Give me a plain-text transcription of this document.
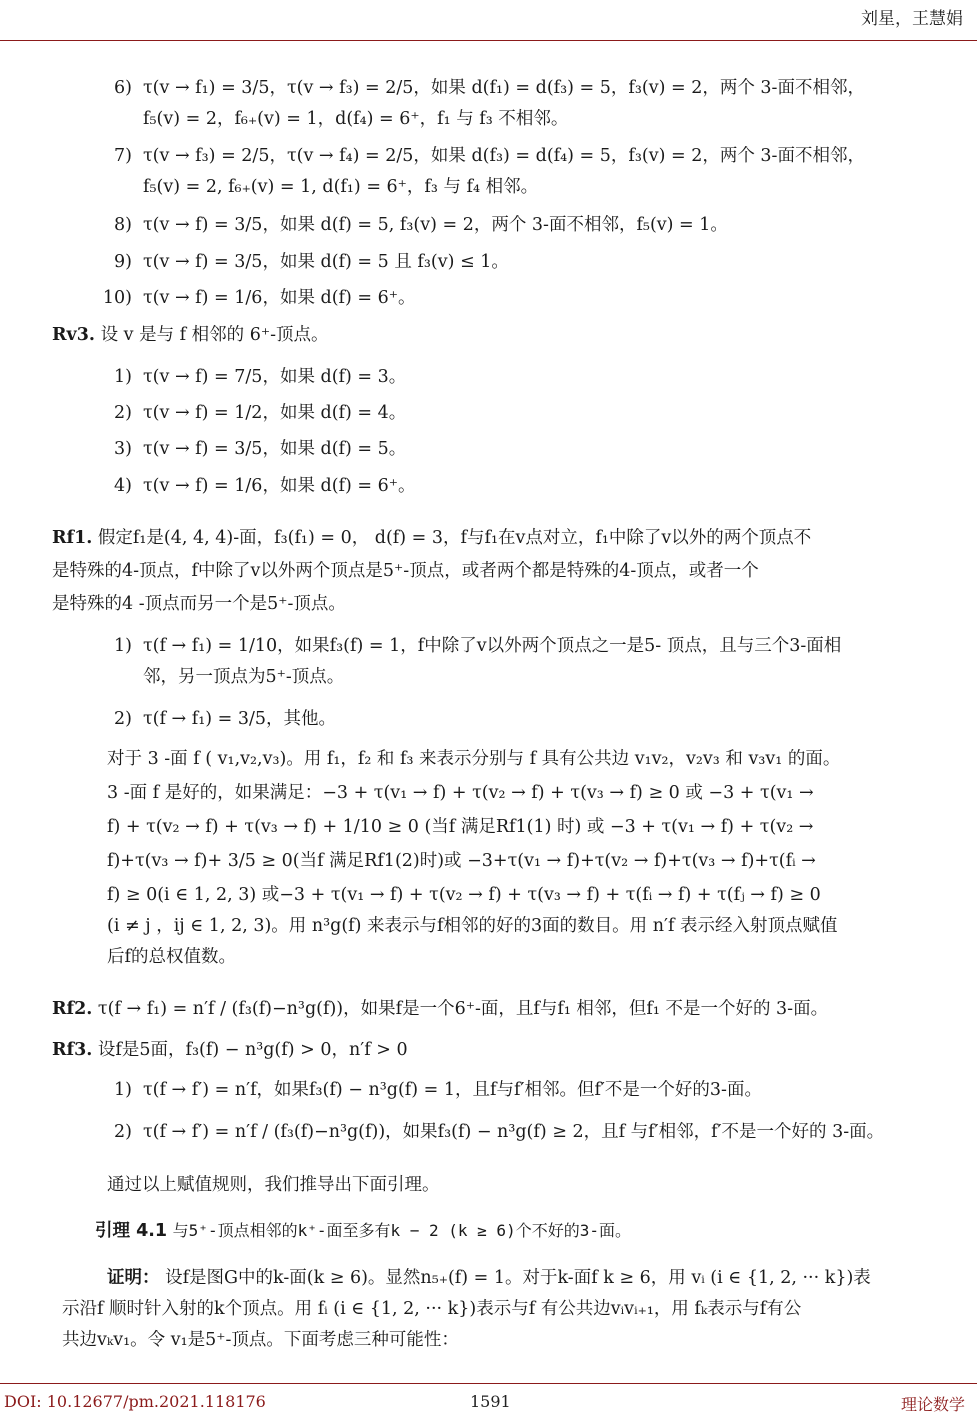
刘星，王慧娟
6) τ(v → f₁) = 3/5，τ(v → f₃) = 2/5，如果 d(f₁) = d(f₃) = 5，f₃(v) = 2，两个 3-面不相邻，
f₅(v) = 2，f₆₊(v) = 1，d(f₄) = 6⁺，f₁ 与 f₃ 不相邻。
7) τ(v → f₃) = 2/5，τ(v → f₄) = 2/5，如果 d(f₃) = d(f₄) = 5，f₃(v) = 2，两个 3-面不相邻，
f₅(v) = 2, f₆₊(v) = 1, d(f₁) = 6⁺，f₃ 与 f₄ 相邻。
8) τ(v → f) = 3/5，如果 d(f) = 5, f₃(v) = 2，两个 3-面不相邻，f₅(v) = 1。
9) τ(v → f) = 3/5，如果 d(f) = 5 且 f₃(v) ≤ 1。
10) τ(v → f) = 1/6，如果 d(f) = 6⁺。
Rv3. 设 v 是与 f 相邻的 6⁺-顶点。
1) τ(v → f) = 7/5，如果 d(f) = 3。
2) τ(v → f) = 1/2，如果 d(f) = 4。
3) τ(v → f) = 3/5，如果 d(f) = 5。
4) τ(v → f) = 1/6，如果 d(f) = 6⁺。
Rf1. 假定f₁是(4, 4, 4)-面，f₃(f₁) = 0， d(f) = 3，f与f₁在v点对立，f₁中除了v以外的两个顶点不
是特殊的4-顶点，f中除了v以外两个顶点是5⁺-顶点，或者两个都是特殊的4-顶点，或者一个
是特殊的4 -顶点而另一个是5⁺-顶点。
1) τ(f → f₁) = 1/10，如果f₃(f) = 1，f中除了v以外两个顶点之一是5- 顶点，且与三个3-面相
邻，另一顶点为5⁺-顶点。
2) τ(f → f₁) = 3/5，其他。
对于 3 -面 f ( v₁,v₂,v₃)。用 f₁，f₂ 和 f₃ 来表示分别与 f 具有公共边 v₁v₂，v₂v₃ 和 v₃v₁ 的面。
3 -面 f 是好的，如果满足：−3 + τ(v₁ → f) + τ(v₂ → f) + τ(v₃ → f) ≥ 0 或 −3 + τ(v₁ →
f) + τ(v₂ → f) + τ(v₃ → f) + 1/10 ≥ 0 (当f 满足Rf1(1) 时) 或 −3 + τ(v₁ → f) + τ(v₂ →
f)+τ(v₃ → f)+ 3/5 ≥ 0(当f 满足Rf1(2)时)或 −3+τ(v₁ → f)+τ(v₂ → f)+τ(v₃ → f)+τ(fᵢ →
f) ≥ 0(i ∈ 1, 2, 3) 或−3 + τ(v₁ → f) + τ(v₂ → f) + τ(v₃ → f) + τ(fᵢ → f) + τ(fⱼ → f) ≥ 0
(i ≠ j ，ij ∈ 1, 2, 3)。用 n³g(f) 来表示与f相邻的好的3面的数目。用 n′f 表示经入射顶点赋值
后f的总权值数。
Rf2. τ(f → f₁) = n′f / (f₃(f)−n³g(f))，如果f是一个6⁺-面，且f与f₁ 相邻，但f₁ 不是一个好的 3-面。
Rf3. 设f是5面，f₃(f) − n³g(f) > 0，n′f > 0
1) τ(f → f′) = n′f，如果f₃(f) − n³g(f) = 1，且f与f′相邻。但f′不是一个好的3-面。
2) τ(f → f′) = n′f / (f₃(f)−n³g(f))，如果f₃(f) − n³g(f) ≥ 2，且f 与f′相邻，f′不是一个好的 3-面。
通过以上赋值规则，我们推导出下面引理。
引理 4.1 与5⁺-顶点相邻的k⁺-面至多有k − 2 (k ≥ 6)个不好的3-面。
证明： 设f是图G中的k-面(k ≥ 6)。显然n₅₊(f) = 1。对于k-面f k ≥ 6，用 vᵢ (i ∈ {1, 2, ··· k})表
示沿f 顺时针入射的k个顶点。用 fᵢ (i ∈ {1, 2, ··· k})表示与f 有公共边vᵢvᵢ₊₁，用 fₖ表示与f有公
共边vₖv₁。令 v₁是5⁺-顶点。下面考虑三种可能性：
DOI: 10.12677/pm.2021.118176	1591	理论数学
